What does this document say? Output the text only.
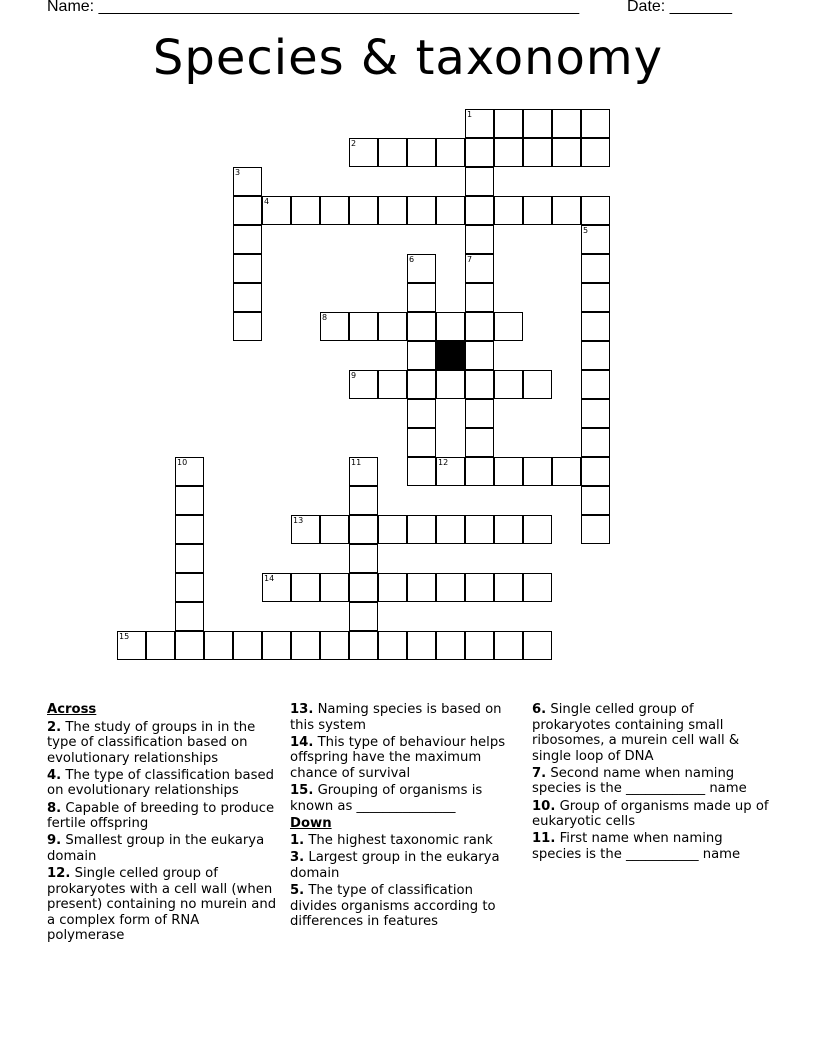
Name: ______________________________________________________	Date: _______
Species & taxonomy
1
2
3
4
5
6	7
8
9
12
10	11
13
14
15
Across
2. The study of groups in in the type of classification based on evolutionary relationships
4. The type of classification based on evolutionary relationships
8. Capable of breeding to produce fertile offspring
9. Smallest group in the eukarya domain
12. Single celled group of prokaryotes with a cell wall (when present) containing no murein and a complex form of RNA polymerase
13. Naming species is based on this system
14. This type of behaviour helps offspring have the maximum chance of survival
15. Grouping of organisms is known as _______________
Down
1. The highest taxonomic rank
3. Largest group in the eukarya domain
5. The type of classification divides organisms according to differences in features
6. Single celled group of prokaryotes containing small ribosomes, a murein cell wall & single loop of DNA
7. Second name when naming species is the ____________ name
10. Group of organisms made up of eukaryotic cells
11. First name when naming species is the ___________ name
